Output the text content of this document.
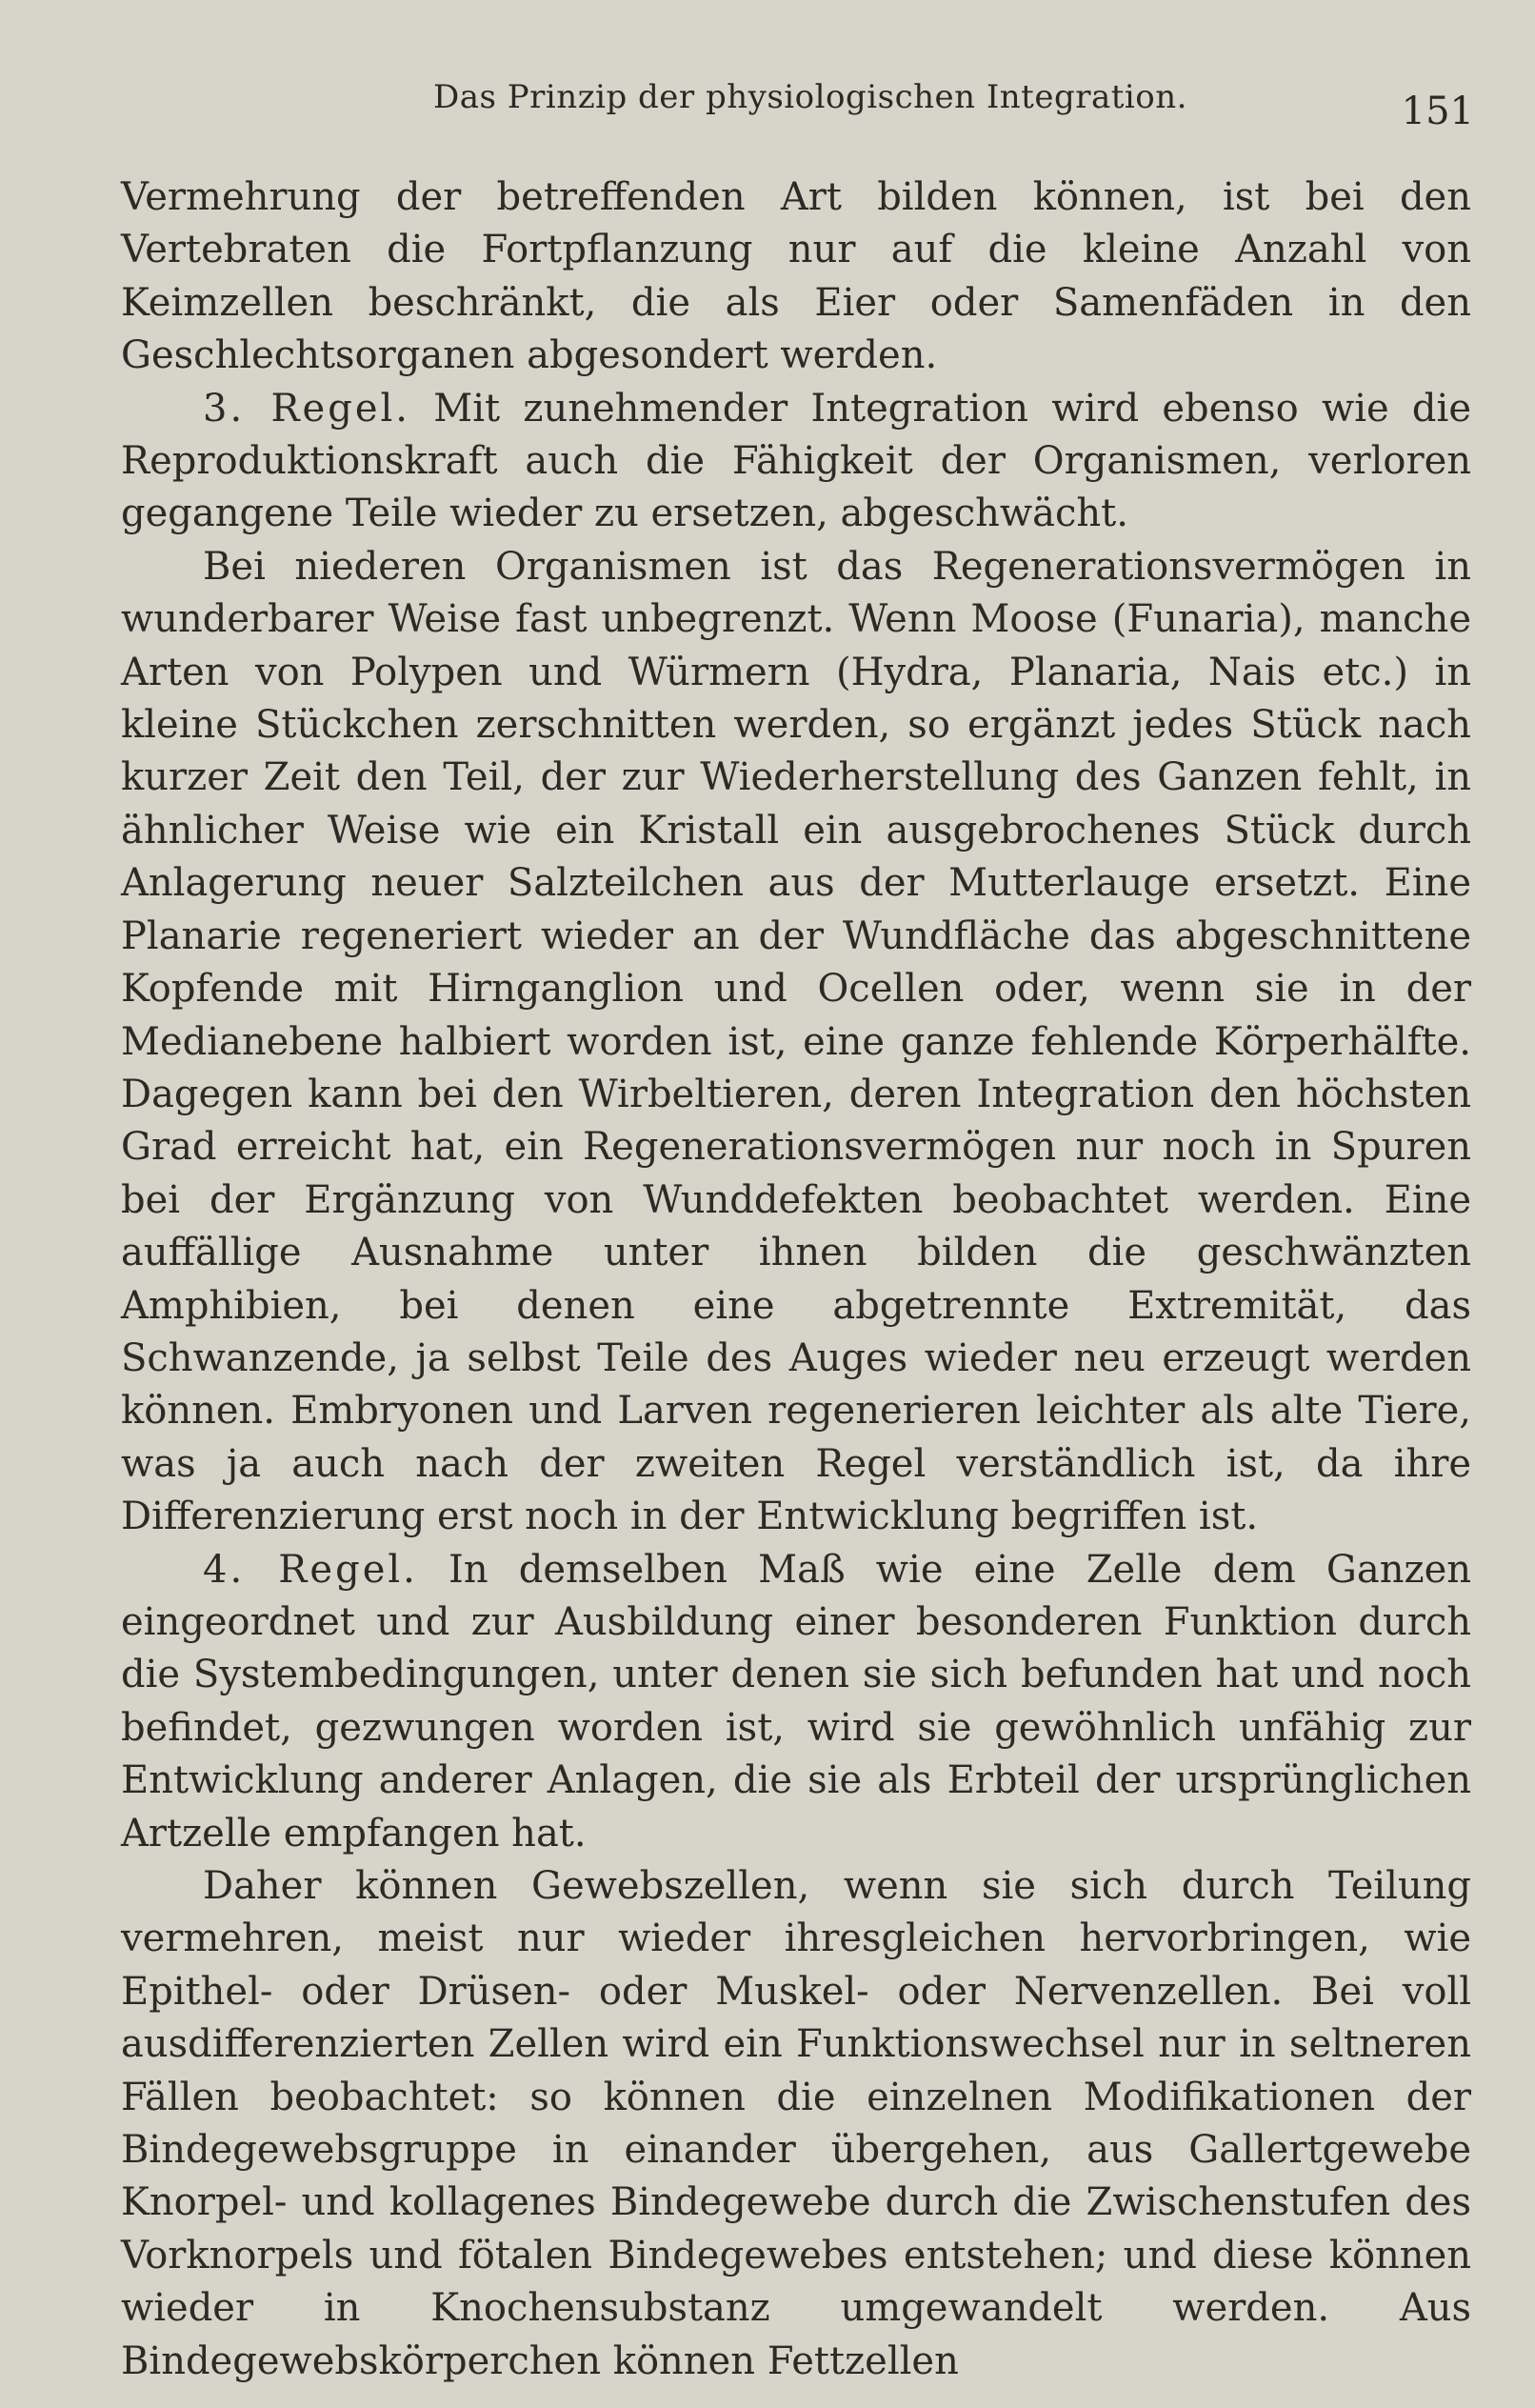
Das Prinzip der physiologischen Integration.	151

Vermehrung der betreffenden Art bilden können, ist bei den Vertebraten die Fortpflanzung nur auf die kleine Anzahl von Keimzellen beschränkt, die als Eier oder Samenfäden in den Geschlechtsorganen abgesondert werden.

3. Regel. Mit zunehmender Integration wird ebenso wie die Reproduktionskraft auch die Fähigkeit der Organismen, verloren gegangene Teile wieder zu ersetzen, abgeschwächt.

Bei niederen Organismen ist das Regenerationsvermögen in wunderbarer Weise fast unbegrenzt. Wenn Moose (Funaria), manche Arten von Polypen und Würmern (Hydra, Planaria, Nais etc.) in kleine Stückchen zerschnitten werden, so ergänzt jedes Stück nach kurzer Zeit den Teil, der zur Wiederherstellung des Ganzen fehlt, in ähnlicher Weise wie ein Kristall ein ausgebrochenes Stück durch Anlagerung neuer Salzteilchen aus der Mutterlauge ersetzt. Eine Planarie regeneriert wieder an der Wundfläche das abgeschnittene Kopfende mit Hirnganglion und Ocellen oder, wenn sie in der Medianebene halbiert worden ist, eine ganze fehlende Körperhälfte. Dagegen kann bei den Wirbeltieren, deren Integration den höchsten Grad erreicht hat, ein Regenerationsvermögen nur noch in Spuren bei der Ergänzung von Wunddefekten beobachtet werden. Eine auffällige Ausnahme unter ihnen bilden die geschwänzten Amphibien, bei denen eine abgetrennte Extremität, das Schwanzende, ja selbst Teile des Auges wieder neu erzeugt werden können. Embryonen und Larven regenerieren leichter als alte Tiere, was ja auch nach der zweiten Regel verständlich ist, da ihre Differenzierung erst noch in der Entwicklung begriffen ist.

4. Regel. In demselben Maß wie eine Zelle dem Ganzen eingeordnet und zur Ausbildung einer besonderen Funktion durch die Systembedingungen, unter denen sie sich befunden hat und noch befindet, gezwungen worden ist, wird sie gewöhnlich unfähig zur Entwicklung anderer Anlagen, die sie als Erbteil der ursprünglichen Artzelle empfangen hat.

Daher können Gewebszellen, wenn sie sich durch Teilung vermehren, meist nur wieder ihresgleichen hervorbringen, wie Epithel- oder Drüsen- oder Muskel- oder Nervenzellen. Bei voll ausdifferenzierten Zellen wird ein Funktionswechsel nur in seltneren Fällen beobachtet: so können die einzelnen Modifikationen der Bindegewebsgruppe in einander übergehen, aus Gallertgewebe Knorpel- und kollagenes Bindegewebe durch die Zwischenstufen des Vorknorpels und fötalen Bindegewebes entstehen; und diese können wieder in Knochensubstanz umgewandelt werden. Aus Bindegewebskörperchen können Fettzellen
